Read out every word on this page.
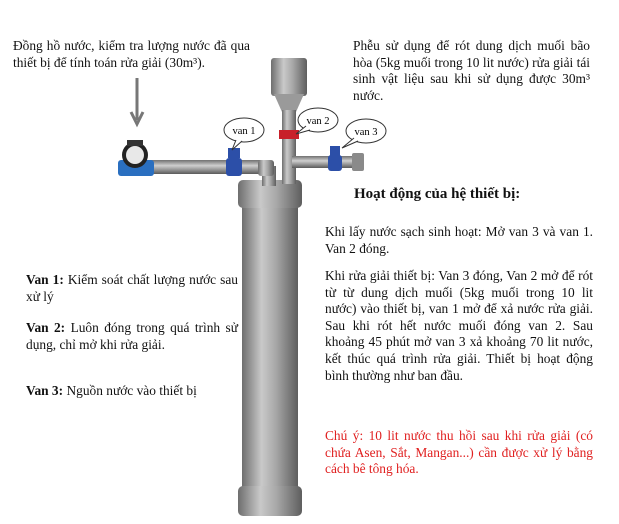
van 1
van 2
van 3
Đồng hồ nước, kiểm tra lượng nước đã qua thiết bị để tính toán rửa giải (30m³).
Phễu sử dụng để rót dung dịch muối bão hòa (5kg muối trong 10 lit nước) rửa giải tái sinh vật liệu sau khi sử dụng được 30m³ nước.
Hoạt động của hệ thiết bị:
Khi lấy nước sạch sinh hoạt: Mở van 3 và van 1. Van 2 đóng.
Khi rửa giải thiết bị: Van 3 đóng, Van 2 mở để rót từ từ dung dịch muối (5kg muối trong 10 lit nước) vào thiết bị, van 1 mở để xả nước rửa giải. Sau khi rót hết nước muối đóng van 2. Sau khoảng 45 phút mở van 3 xả khoảng 70 lit nước, kết thúc quá trình rửa giải. Thiết bị hoạt động bình thường như ban đầu.
Chú ý: 10 lit nước thu hồi sau khi rửa giải (có chứa Asen, Sắt, Mangan...) cần được xử lý bằng cách bê tông hóa.
Van 1: Kiểm soát chất lượng nước sau xử lý
Van 2: Luôn đóng trong quá trình sử dụng, chỉ mở khi rửa giải.
Van 3: Nguồn nước vào thiết bị
